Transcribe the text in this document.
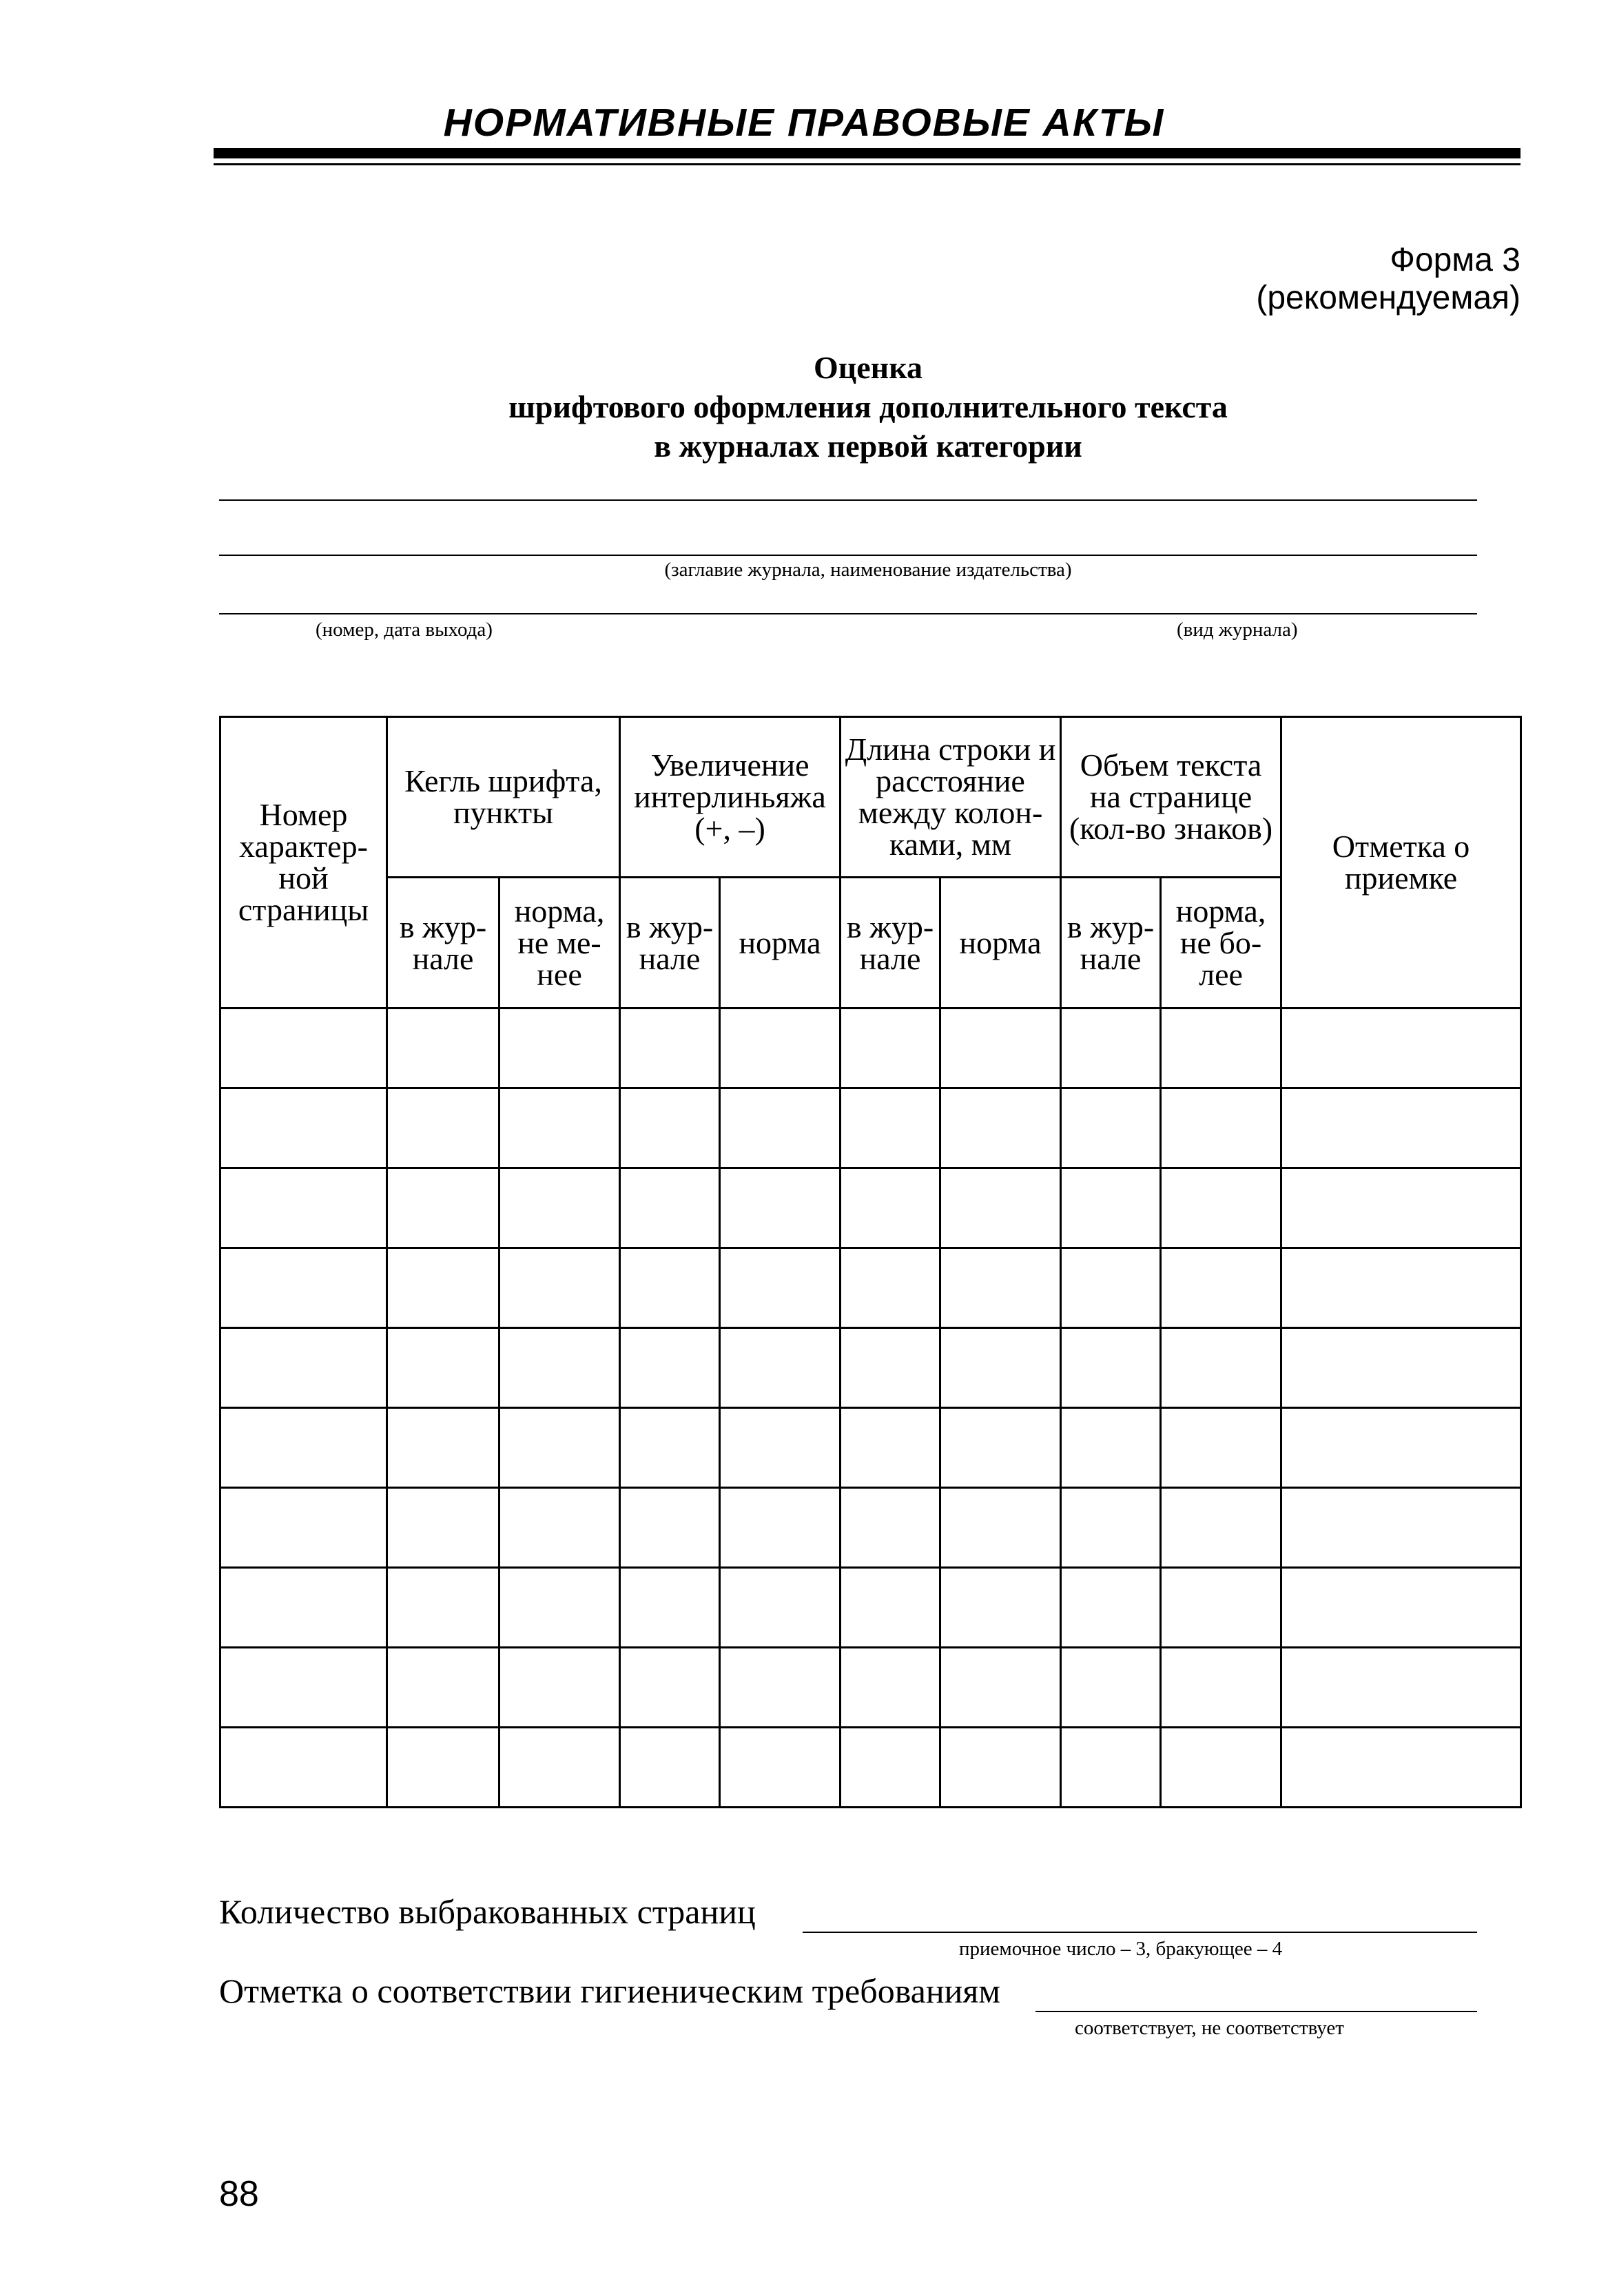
НОРМАТИВНЫЕ ПРАВОВЫЕ АКТЫ
Форма 3
(рекомендуемая)
Оценка
шрифтового оформления дополнительного текста
в журналах первой категории
(заглавие журнала, наименование издательства)
(номер, дата выхода)	(вид журнала)
Номер характер-ной страницы	Кегль шрифта, пункты		Увеличение интерлиньяжа (+, –)		Длина строки и расстояние между колон-ками, мм		Объем текста на странице (кол-во знаков)		Отметка о приемке
	в жур-нале	норма, не ме-нее	в жур-нале	норма	в жур-нале	норма	в жур-нале	норма, не бо-лее	

Количество выбракованных страниц
приемочное число – 3, бракующее – 4
Отметка о соответствии гигиеническим требованиям
соответствует, не соответствует
88
